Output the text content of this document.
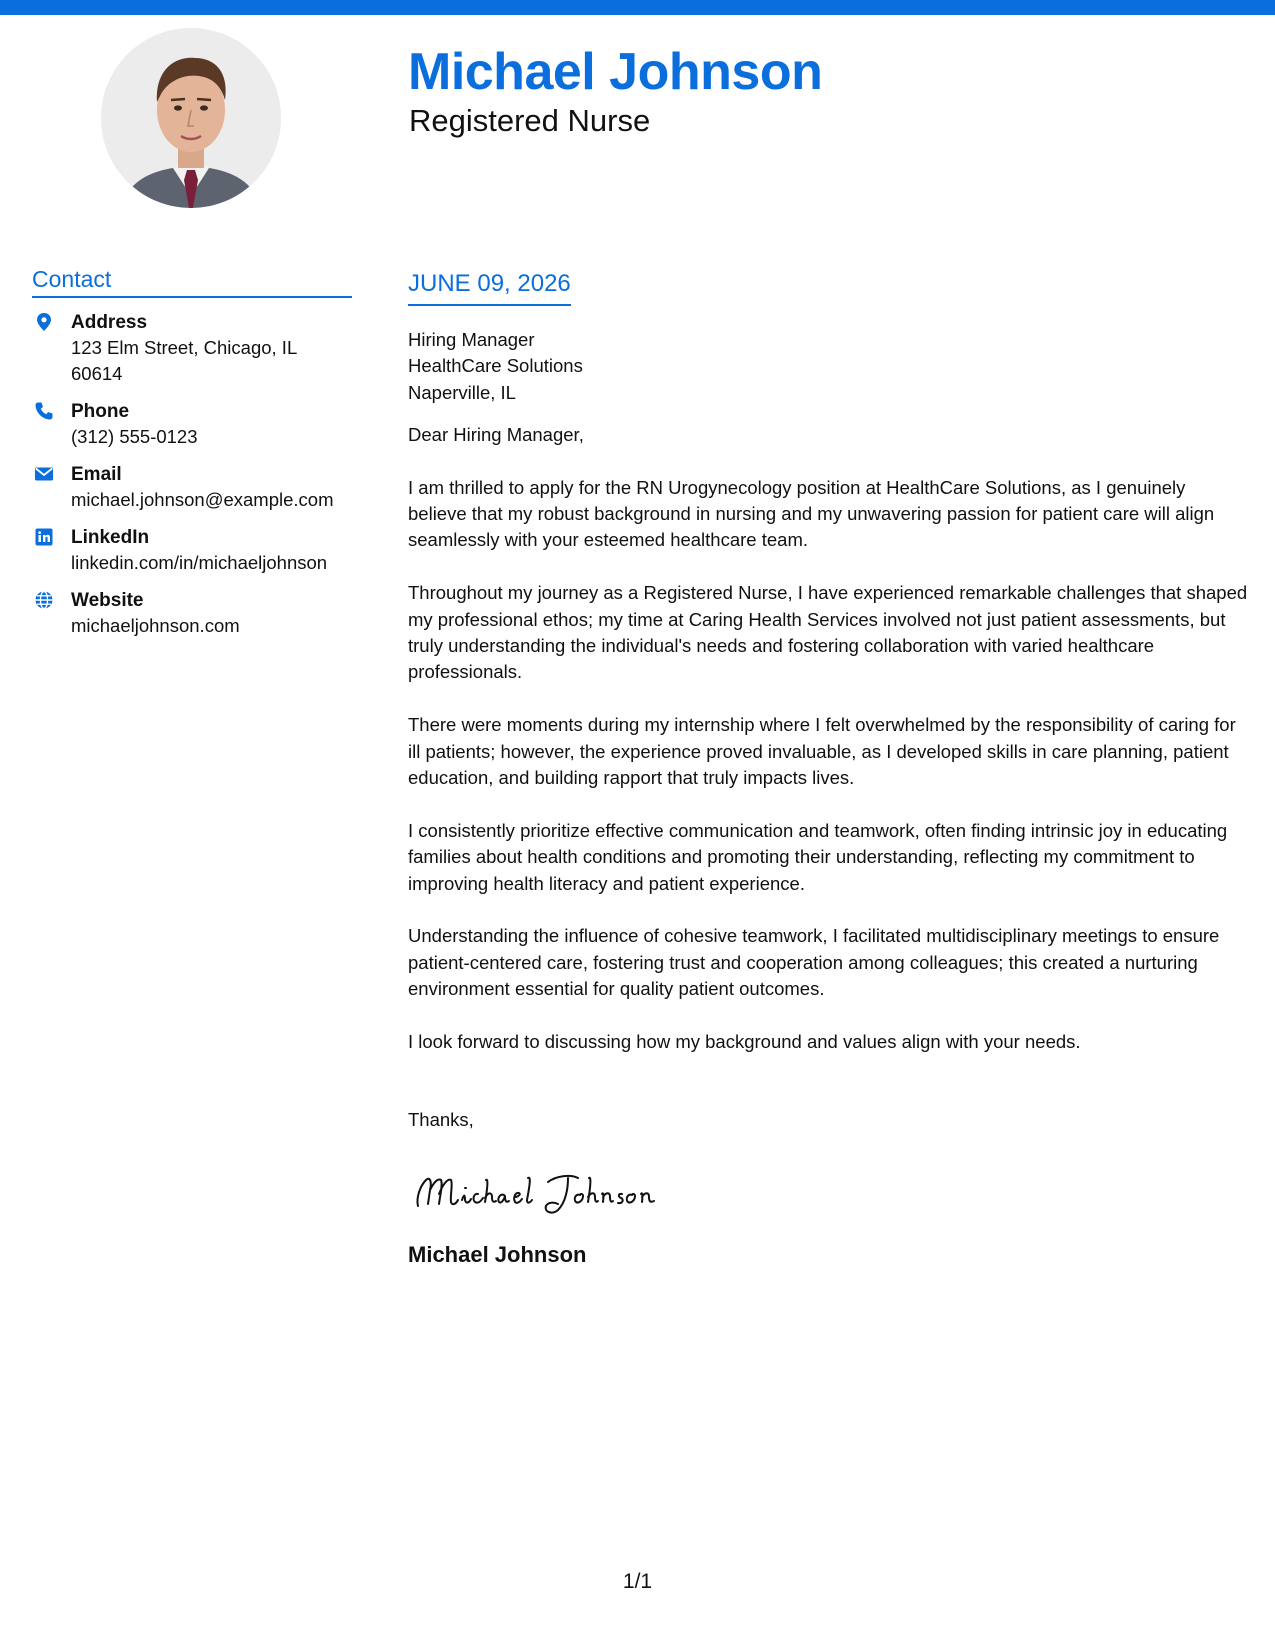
Michael Johnson
Registered Nurse
Contact
Address
123 Elm Street, Chicago, IL 60614
Phone
(312) 555-0123
Email
michael.johnson@example.com
LinkedIn
linkedin.com/in/michaeljohnson
Website
michaeljohnson.com
JUNE 09, 2026

Hiring Manager
HealthCare Solutions
Naperville, IL

Dear Hiring Manager,

I am thrilled to apply for the RN Urogynecology position at HealthCare Solutions, as I genuinely believe that my robust background in nursing and my unwavering passion for patient care will align seamlessly with your esteemed healthcare team.

Throughout my journey as a Registered Nurse, I have experienced remarkable challenges that shaped my professional ethos; my time at Caring Health Services involved not just patient assessments, but truly understanding the individual's needs and fostering collaboration with varied healthcare professionals.

There were moments during my internship where I felt overwhelmed by the responsibility of caring for ill patients; however, the experience proved invaluable, as I developed skills in care planning, patient education, and building rapport that truly impacts lives.

I consistently prioritize effective communication and teamwork, often finding intrinsic joy in educating families about health conditions and promoting their understanding, reflecting my commitment to improving health literacy and patient experience.

Understanding the influence of cohesive teamwork, I facilitated multidisciplinary meetings to ensure patient-centered care, fostering trust and cooperation among colleagues; this created a nurturing environment essential for quality patient outcomes.

I look forward to discussing how my background and values align with your needs.

Thanks,

Michael Johnson

1/1
